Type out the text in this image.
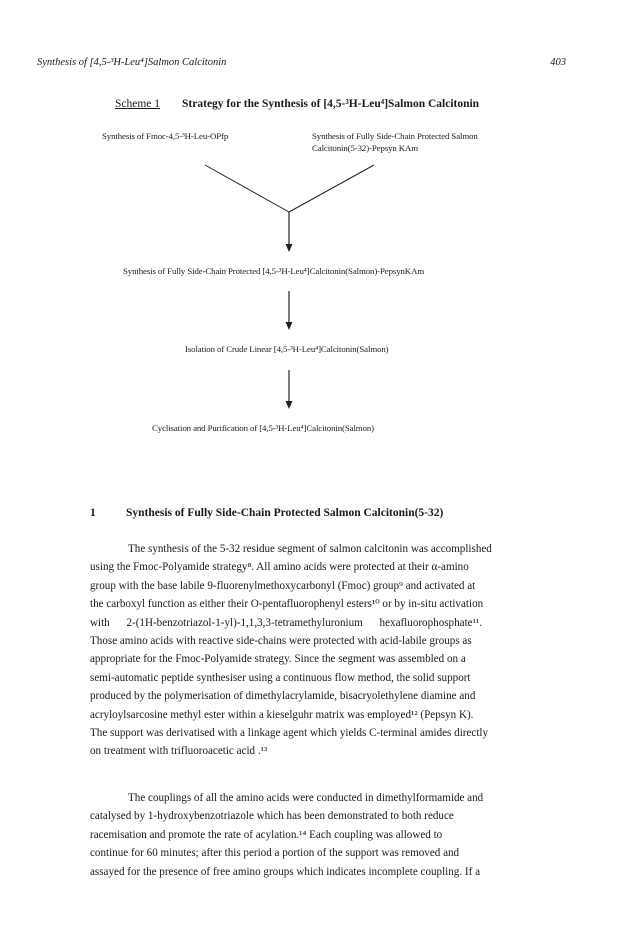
Synthesis of [4,5-³H-Leu⁴]Salmon Calcitonin	403
Scheme 1 Strategy for the Synthesis of [4,5-³H-Leu⁴]Salmon Calcitonin
Synthesis of Fmoc-4,5-³H-Leu-OPfp	Synthesis of Fully Side-Chain Protected Salmon
Calcitonin(5-32)-Pepsyn KAm
Synthesis of Fully Side-Chain Protected [4,5-³H-Leu⁴]Calcitonin(Salmon)-PepsynKAm
Isolation of Crude Linear [4,5-³H-Leu⁴]Calcitonin(Salmon)
Cyclisation and Purification of [4,5-³H-Leu⁴]Calcitonin(Salmon)
1	Synthesis of Fully Side-Chain Protected Salmon Calcitonin(5-32)
The synthesis of the 5-32 residue segment of salmon calcitonin was accomplished
using the Fmoc-Polyamide strategy⁸. All amino acids were protected at their α-amino
group with the base labile 9-fluorenylmethoxycarbonyl (Fmoc) group⁹ and activated at
the carboxyl function as either their O-pentafluorophenyl esters¹⁰ or by in-situ activation
with 2-(1H-benzotriazol-1-yl)-1,1,3,3-tetramethyluronium hexafluorophosphate¹¹.
Those amino acids with reactive side-chains were protected with acid-labile groups as
appropriate for the Fmoc-Polyamide strategy. Since the segment was assembled on a
semi-automatic peptide synthesiser using a continuous flow method, the solid support
produced by the polymerisation of dimethylacrylamide, bisacryolethylene diamine and
acryloylsarcosine methyl ester within a kieselguhr matrix was employed¹² (Pepsyn K).
The support was derivatised with a linkage agent which yields C-terminal amides directly
on treatment with trifluoroacetic acid .¹³
The couplings of all the amino acids were conducted in dimethylformamide and
catalysed by 1-hydroxybenzotriazole which has been demonstrated to both reduce
racemisation and promote the rate of acylation.¹⁴ Each coupling was allowed to
continue for 60 minutes; after this period a portion of the support was removed and
assayed for the presence of free amino groups which indicates incomplete coupling. If a
